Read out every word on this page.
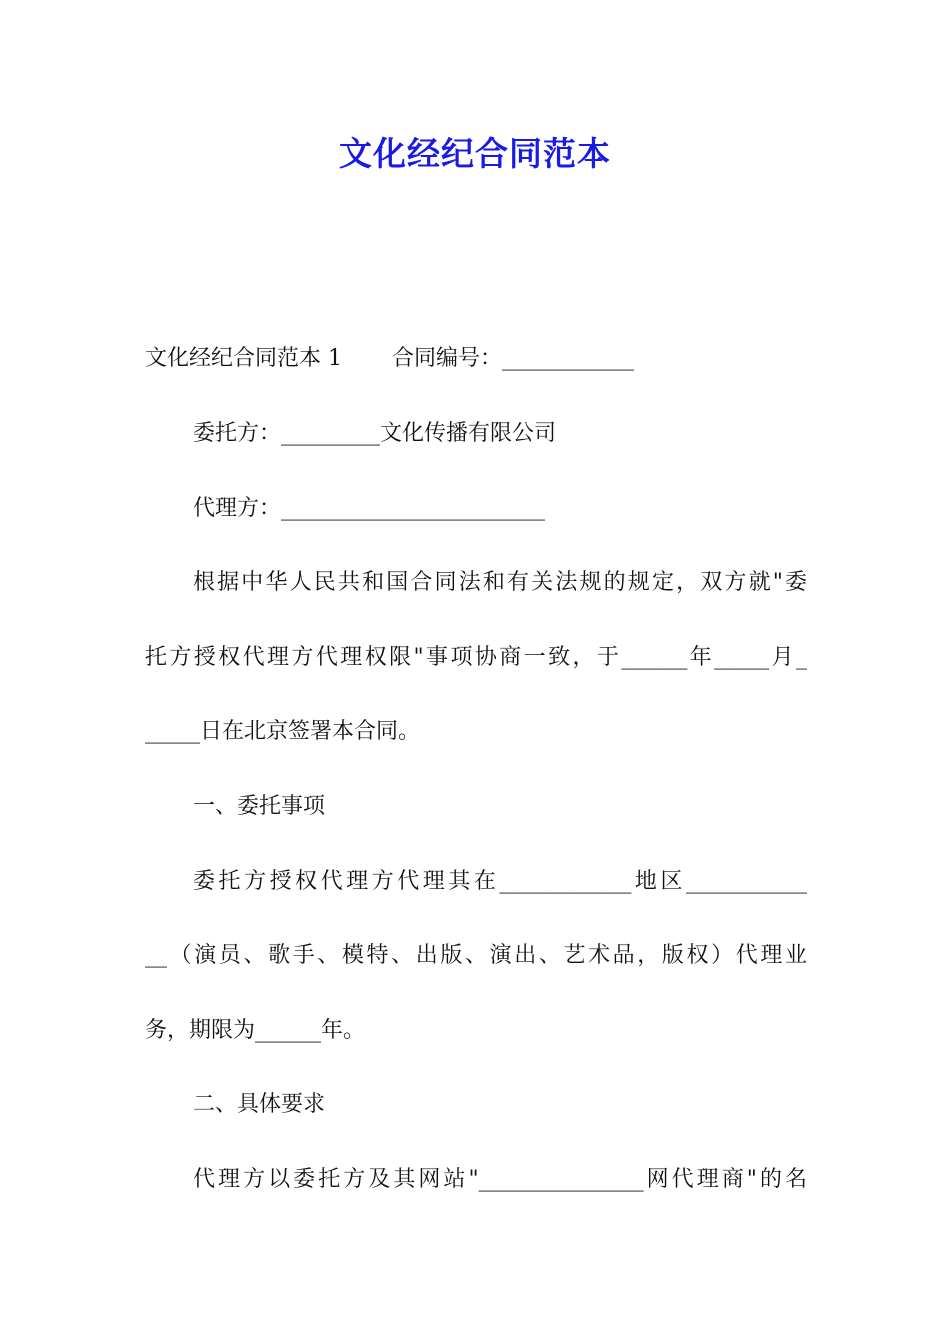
文化经纪合同范本
文化经纪合同范本 1 合同编号：____________
委托方：_________文化传播有限公司
代理方：________________________
根据中华人民共和国合同法和有关法规的规定，双方就"委
托方授权代理方代理权限"事项协商一致，于______年_____月_
_____日在北京签署本合同。
一、委托事项
委托方授权代理方代理其在____________地区___________
__（演员、歌手、模特、出版、演出、艺术品，版权）代理业
务，期限为______年。
二、具体要求
代理方以委托方及其网站"_______________网代理商"的名
